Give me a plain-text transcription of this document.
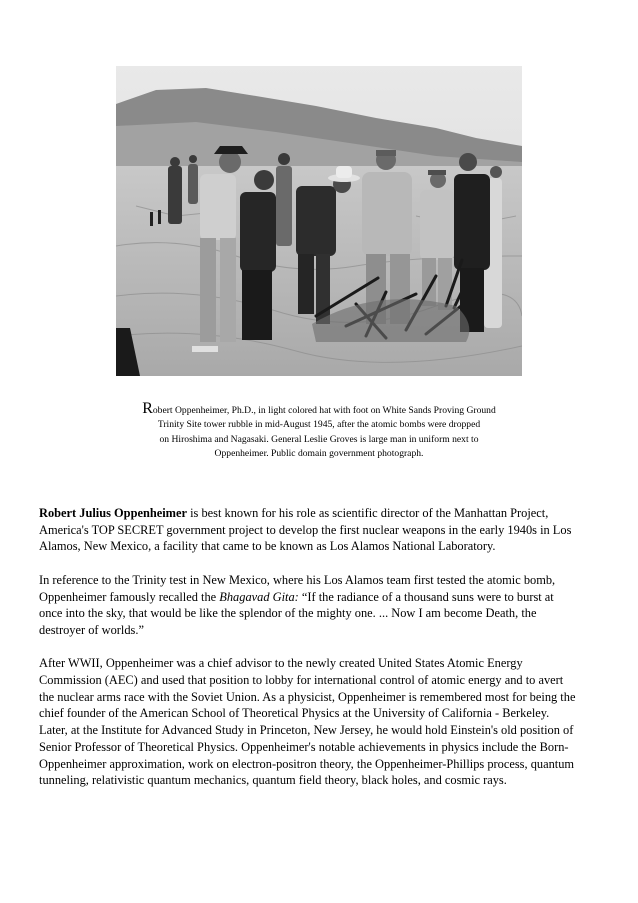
Robert Oppenheimer, Ph.D., in light colored hat with foot on White Sands Proving Ground
Trinity Site tower rubble in mid-August 1945, after the atomic bombs were dropped
on Hiroshima and Nagasaki. General Leslie Groves is large man in uniform next to
Oppenheimer. Public domain government photograph.

Robert Julius Oppenheimer is best known for his role as scientific director of the Manhattan Project,
America's TOP SECRET government project to develop the first nuclear weapons in the early 1940s in Los
Alamos, New Mexico, a facility that came to be known as Los Alamos National Laboratory.

In reference to the Trinity test in New Mexico, where his Los Alamos team first tested the atomic bomb,
Oppenheimer famously recalled the Bhagavad Gita: “If the radiance of a thousand suns were to burst at
once into the sky, that would be like the splendor of the mighty one. ... Now I am become Death, the
destroyer of worlds.”

After WWII, Oppenheimer was a chief advisor to the newly created United States Atomic Energy
Commission (AEC) and used that position to lobby for international control of atomic energy and to avert
the nuclear arms race with the Soviet Union. As a physicist, Oppenheimer is remembered most for being the
chief founder of the American School of Theoretical Physics at the University of California - Berkeley.
Later, at the Institute for Advanced Study in Princeton, New Jersey, he would hold Einstein's old position of
Senior Professor of Theoretical Physics. Oppenheimer's notable achievements in physics include the Born-
Oppenheimer approximation, work on electron-positron theory, the Oppenheimer-Phillips process, quantum
tunneling, relativistic quantum mechanics, quantum field theory, black holes, and cosmic rays.
